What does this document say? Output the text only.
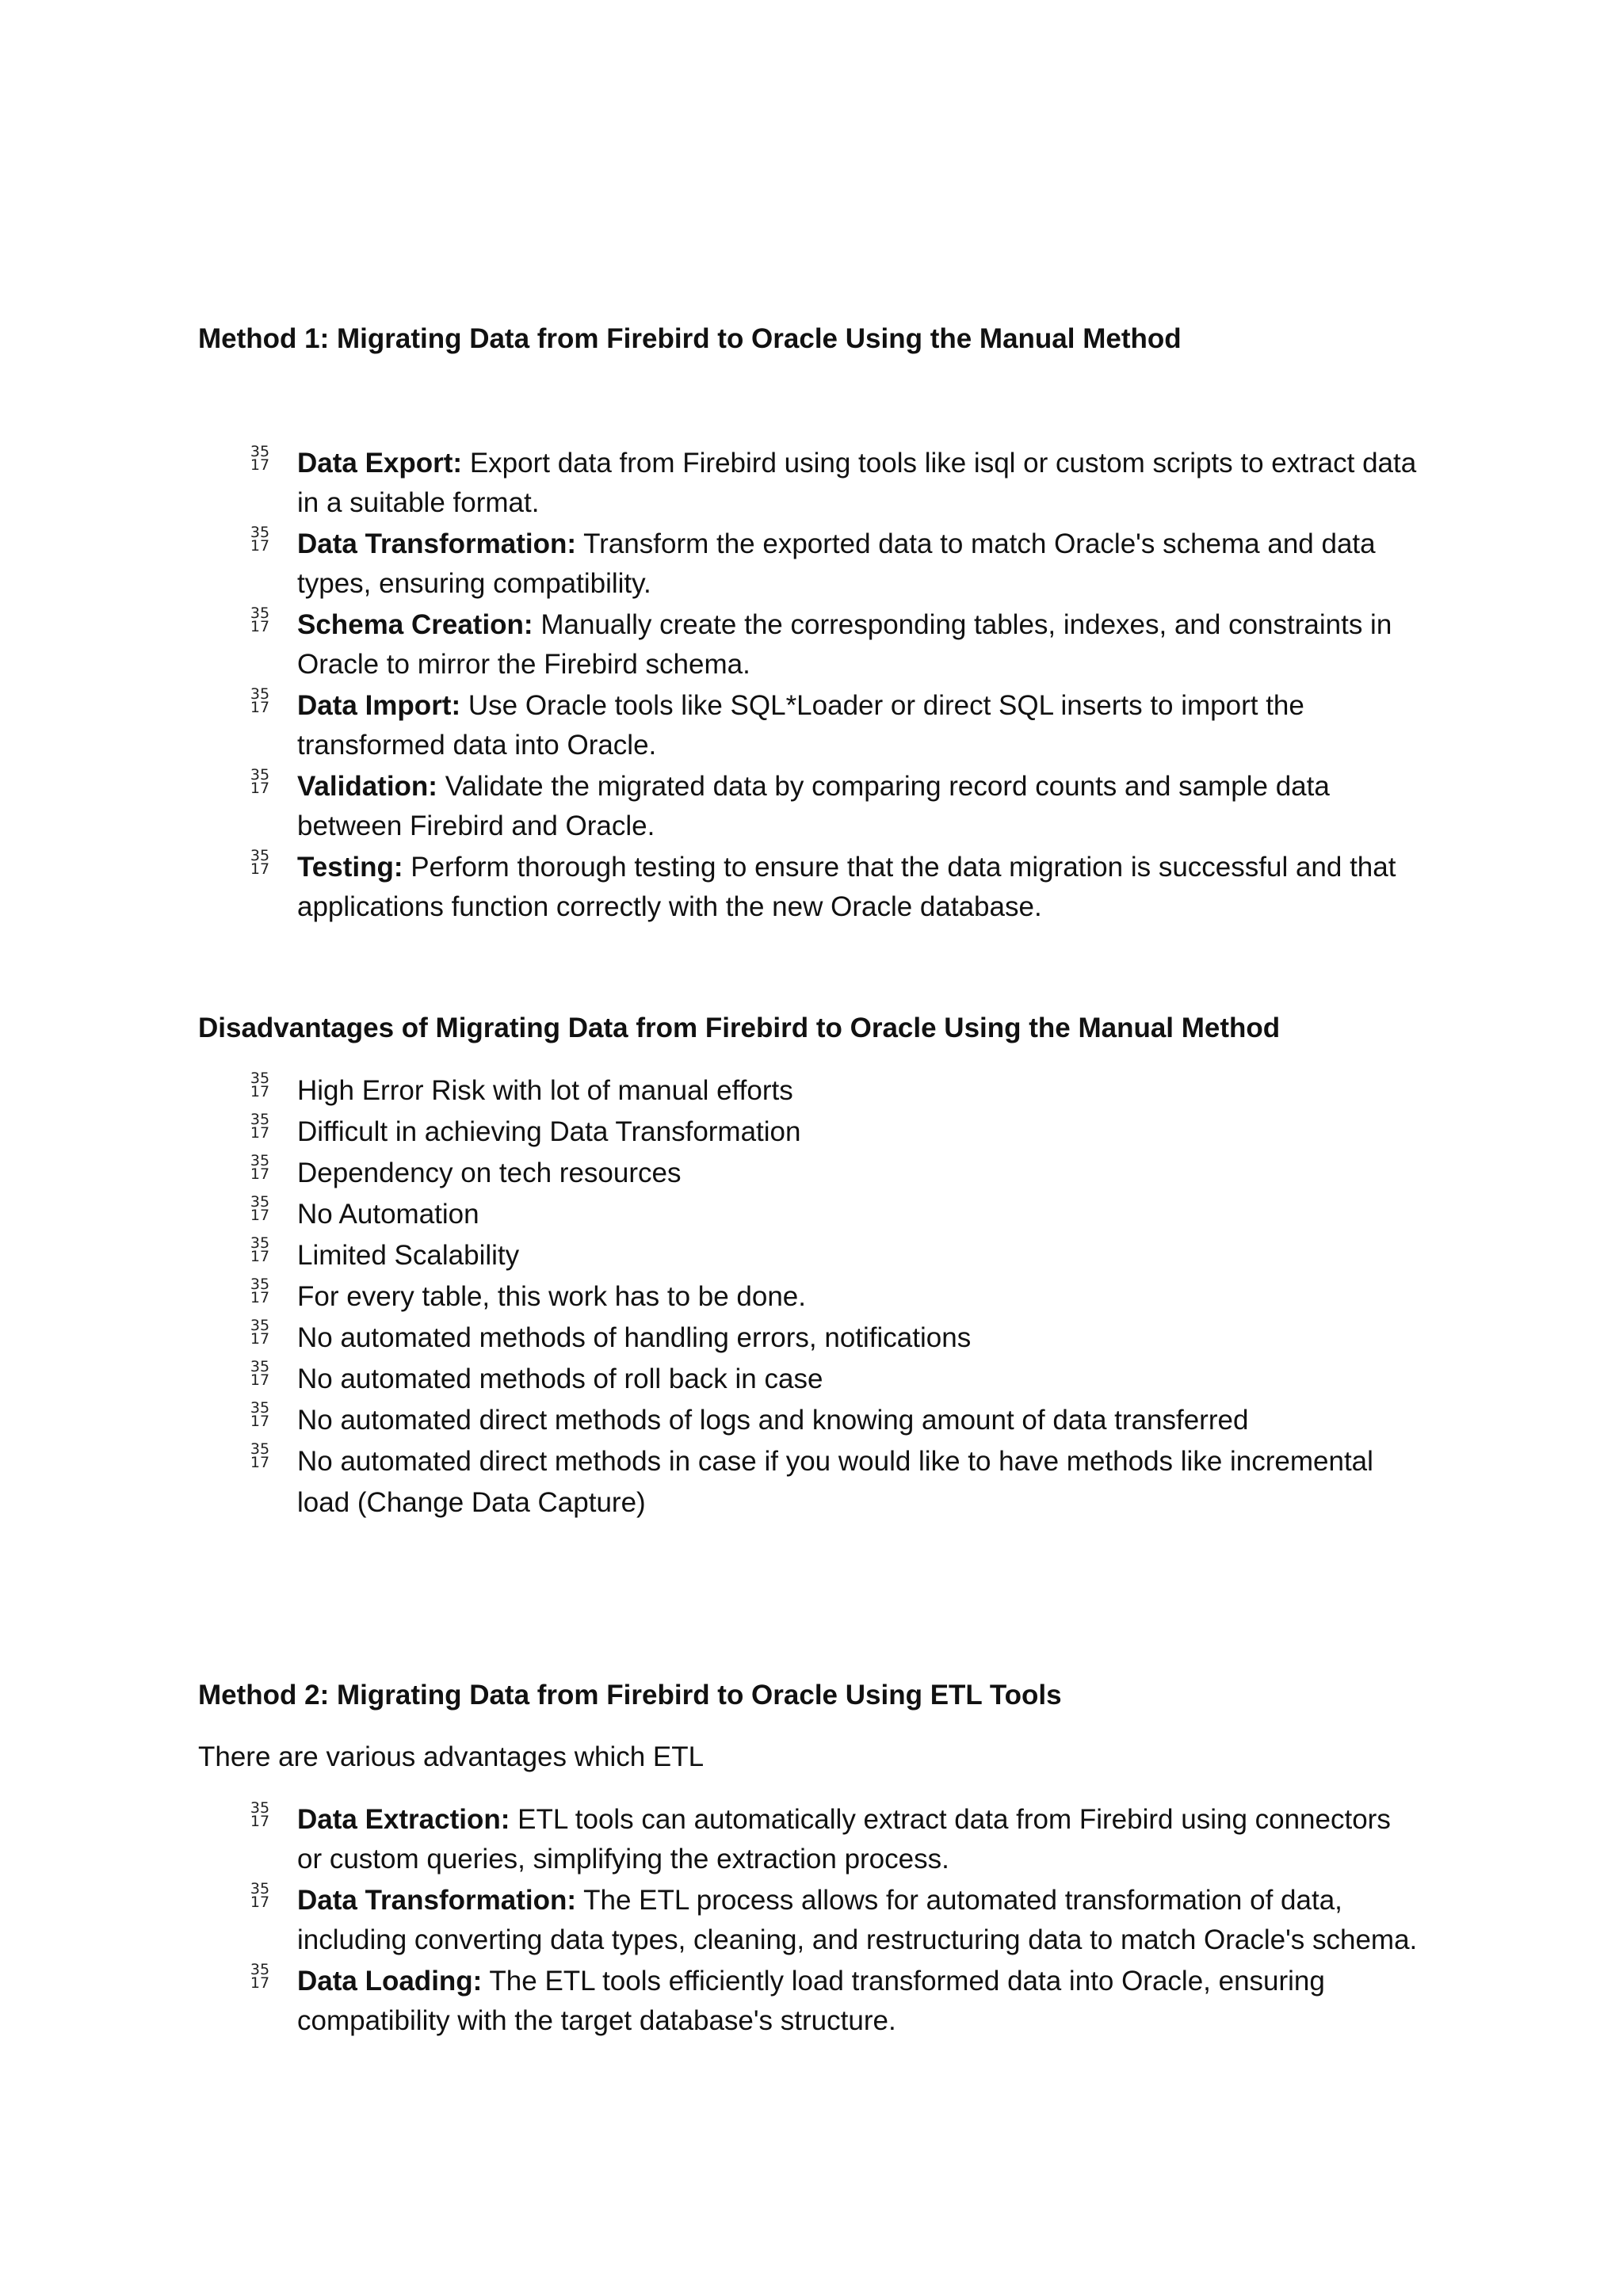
Method 1: Migrating Data from Firebird to Oracle Using the Manual Method
35
17 Data Export: Export data from Firebird using tools like isql or custom scripts to extract data in a suitable format.
35
17 Data Transformation: Transform the exported data to match Oracle's schema and data types, ensuring compatibility.
35
17 Schema Creation: Manually create the corresponding tables, indexes, and constraints in Oracle to mirror the Firebird schema.
35
17 Data Import: Use Oracle tools like SQL*Loader or direct SQL inserts to import the transformed data into Oracle.
35
17 Validation: Validate the migrated data by comparing record counts and sample data between Firebird and Oracle.
35
17 Testing: Perform thorough testing to ensure that the data migration is successful and that applications function correctly with the new Oracle database.
Disadvantages of Migrating Data from Firebird to Oracle Using the Manual Method
35
17 High Error Risk with lot of manual efforts
35
17 Difficult in achieving Data Transformation
35
17 Dependency on tech resources
35
17 No Automation
35
17 Limited Scalability
35
17 For every table, this work has to be done.
35
17 No automated methods of handling errors, notifications
35
17 No automated methods of roll back in case
35
17 No automated direct methods of logs and knowing amount of data transferred
35
17 No automated direct methods in case if you would like to have methods like incremental load (Change Data Capture)
Method 2: Migrating Data from Firebird to Oracle Using ETL Tools
There are various advantages which ETL
35
17 Data Extraction: ETL tools can automatically extract data from Firebird using connectors or custom queries, simplifying the extraction process.
35
17 Data Transformation: The ETL process allows for automated transformation of data, including converting data types, cleaning, and restructuring data to match Oracle's schema.
35
17 Data Loading: The ETL tools efficiently load transformed data into Oracle, ensuring compatibility with the target database's structure.
